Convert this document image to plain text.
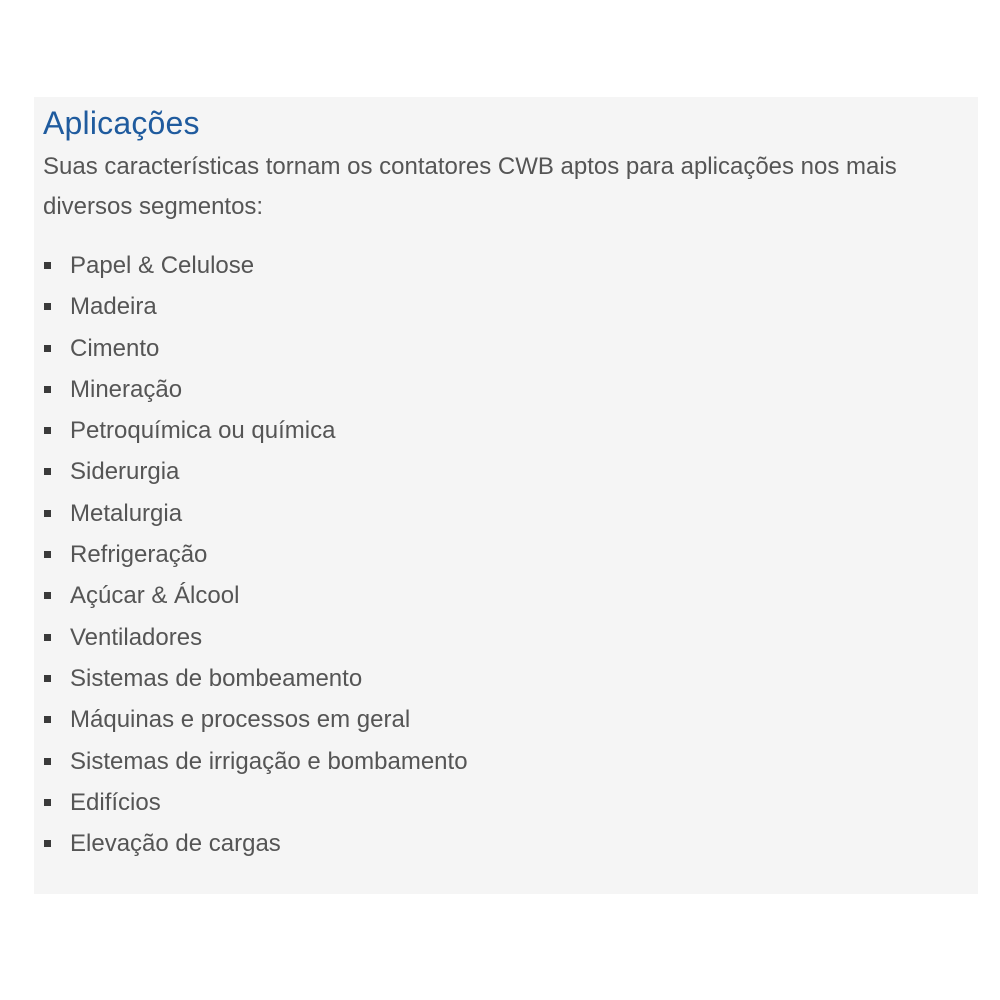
Aplicações

Suas características tornam os contatores CWB aptos para aplicações nos mais diversos segmentos:

Papel & Celulose
Madeira
Cimento
Mineração
Petroquímica ou química
Siderurgia
Metalurgia
Refrigeração
Açúcar & Álcool
Ventiladores
Sistemas de bombeamento
Máquinas e processos em geral
Sistemas de irrigação e bombamento
Edifícios
Elevação de cargas
